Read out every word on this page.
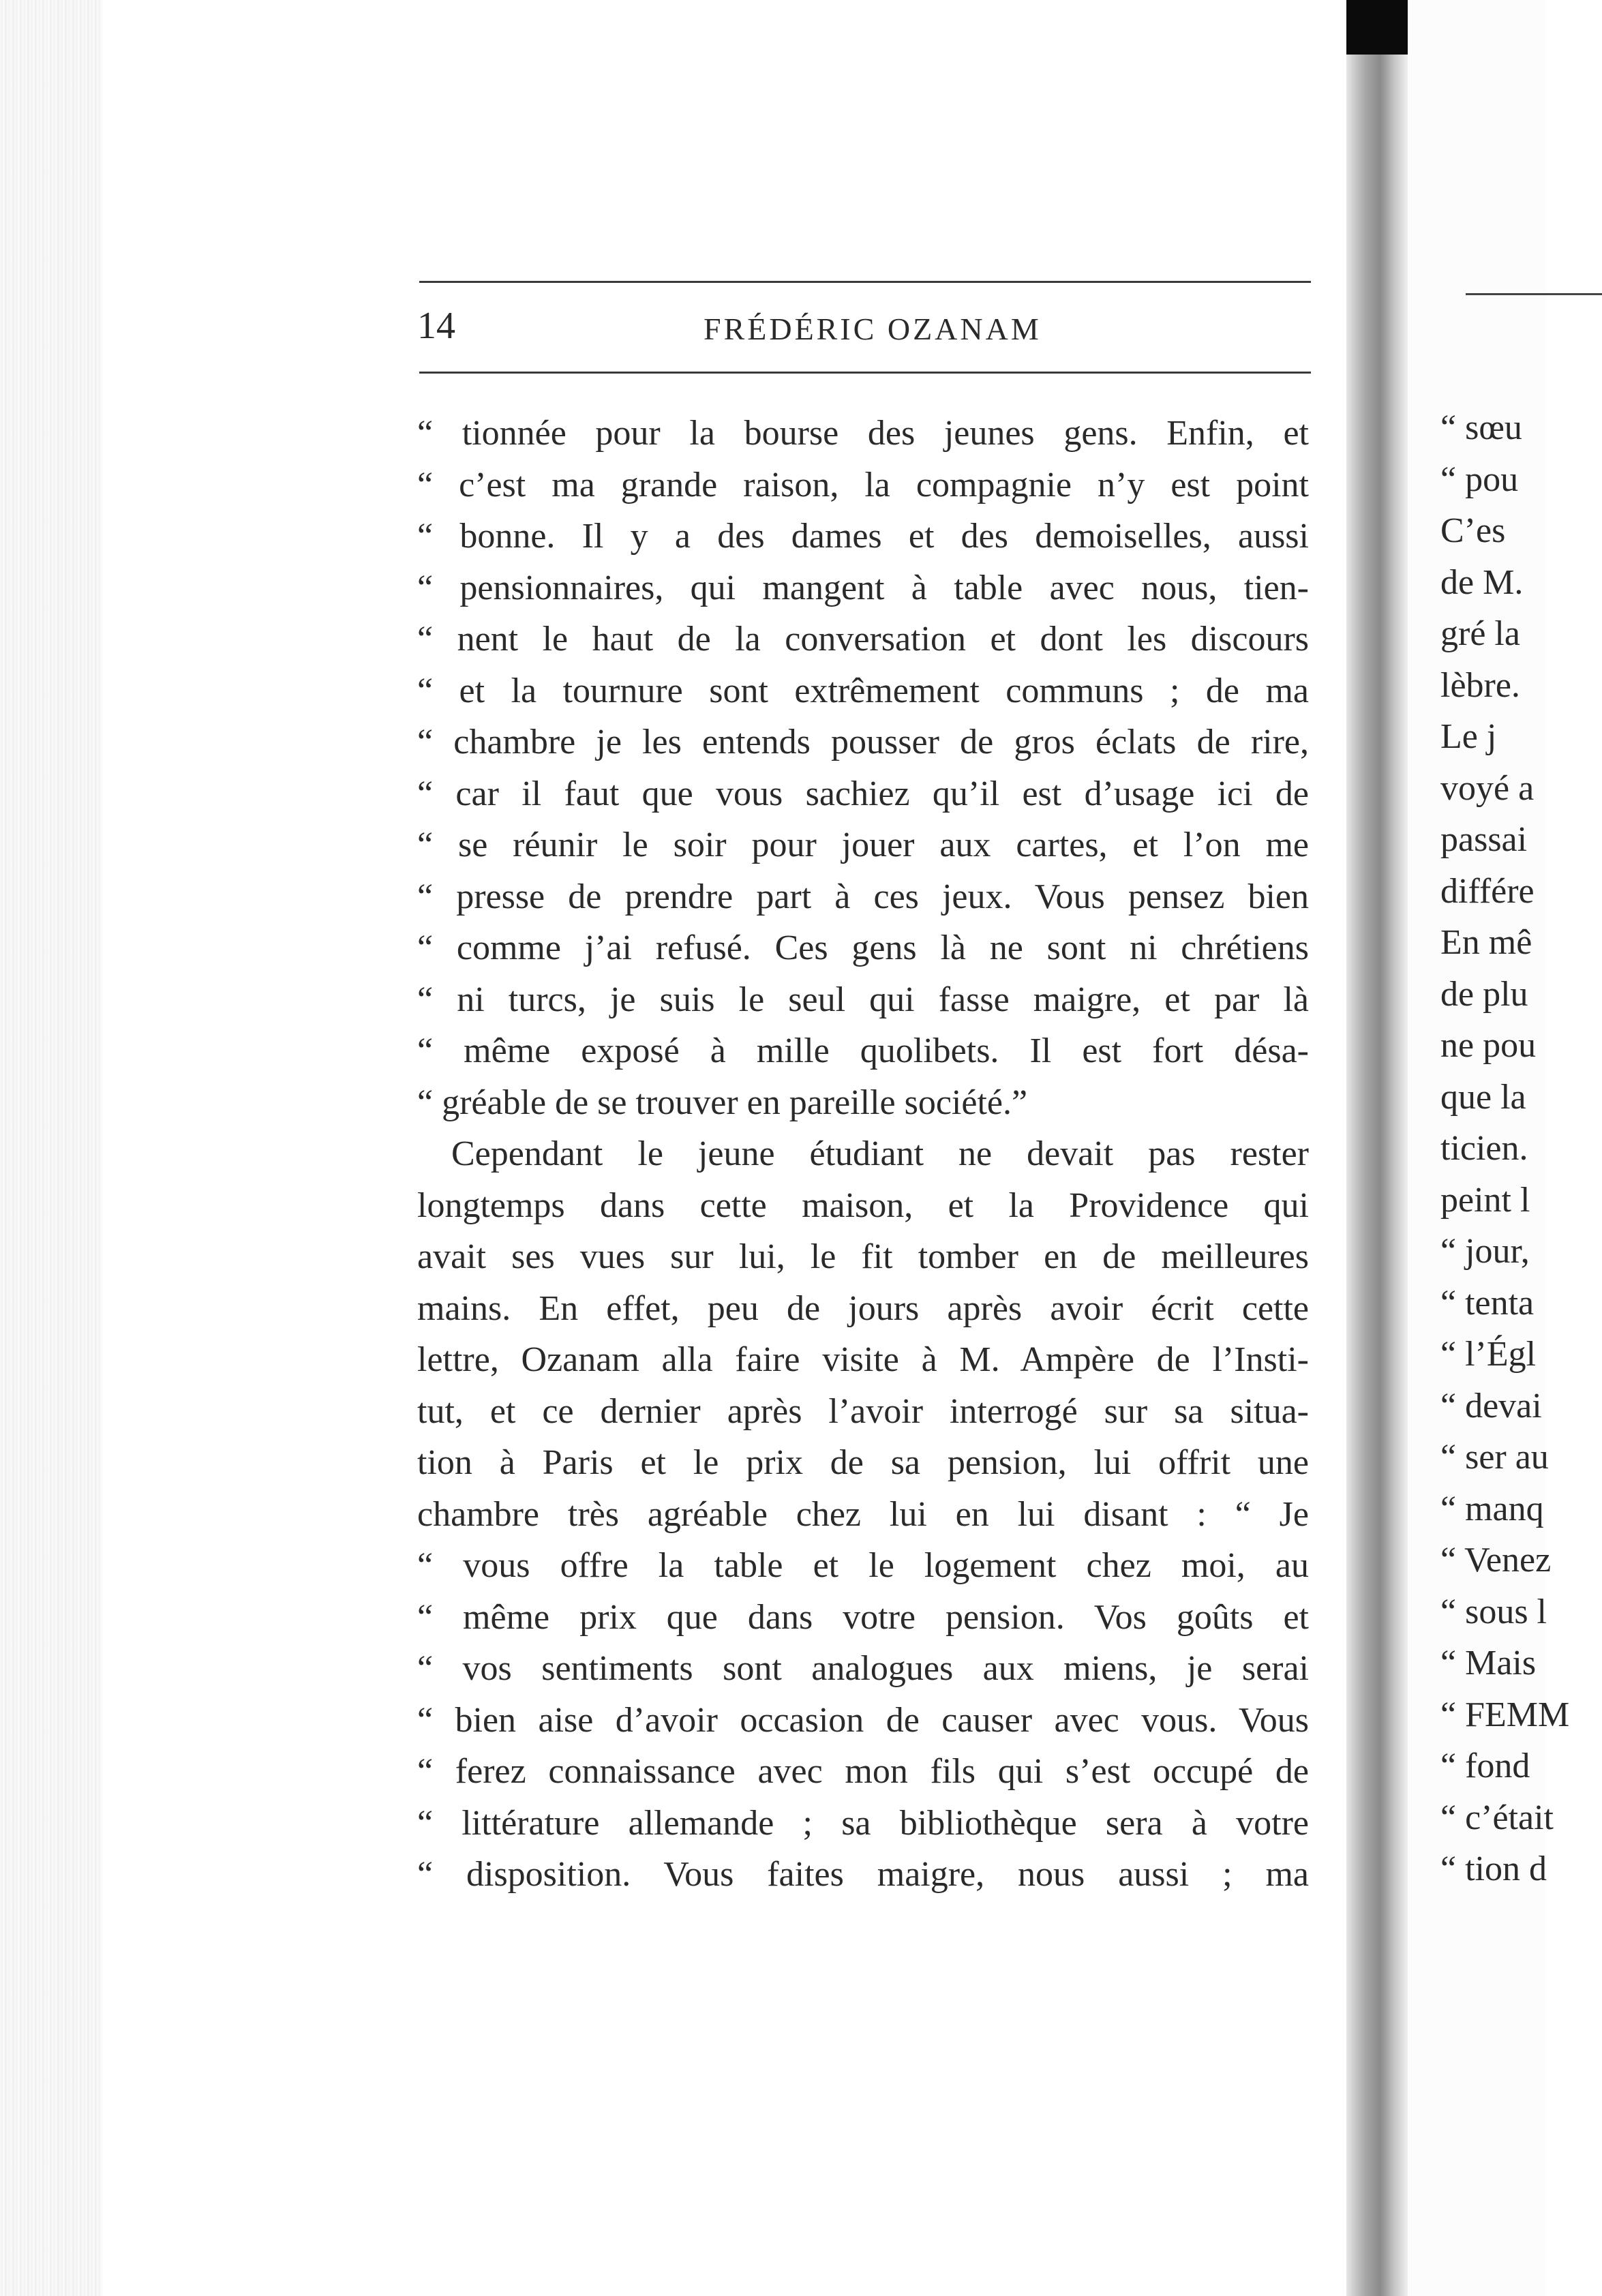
14	FRÉDÉRIC OZANAM
“ tionnée pour la bourse des jeunes gens. Enfin, et
“ c’est ma grande raison, la compagnie n’y est point
“ bonne. Il y a des dames et des demoiselles, aussi
“ pensionnaires, qui mangent à table avec nous, tien-
“ nent le haut de la conversation et dont les discours
“ et la tournure sont extrêmement communs ; de ma
“ chambre je les entends pousser de gros éclats de rire,
“ car il faut que vous sachiez qu’il est d’usage ici de
“ se réunir le soir pour jouer aux cartes, et l’on me
“ presse de prendre part à ces jeux. Vous pensez bien
“ comme j’ai refusé. Ces gens là ne sont ni chrétiens
“ ni turcs, je suis le seul qui fasse maigre, et par là
“ même exposé à mille quolibets. Il est fort désa-
“ gréable de se trouver en pareille société.”
Cependant le jeune étudiant ne devait pas rester
longtemps dans cette maison, et la Providence qui
avait ses vues sur lui, le fit tomber en de meilleures
mains. En effet, peu de jours après avoir écrit cette
lettre, Ozanam alla faire visite à M. Ampère de l’Insti-
tut, et ce dernier après l’avoir interrogé sur sa situa-
tion à Paris et le prix de sa pension, lui offrit une
chambre très agréable chez lui en lui disant : “ Je
“ vous offre la table et le logement chez moi, au
“ même prix que dans votre pension. Vos goûts et
“ vos sentiments sont analogues aux miens, je serai
“ bien aise d’avoir occasion de causer avec vous. Vous
“ ferez connaissance avec mon fils qui s’est occupé de
“ littérature allemande ; sa bibliothèque sera à votre
“ disposition. Vous faites maigre, nous aussi ; ma
“ sœu
“ pou
C’es
de M.
gré la
lèbre.
Le j
voyé a
passai
différe
En mê
de plu
ne pou
que la
ticien.
peint l
“ jour,
“ tenta
“ l’Égl
“ devai
“ ser au
“ manq
“ Venez
“ sous l
“ Mais
“ FEMM
“ fond
“ c’était
“ tion d
